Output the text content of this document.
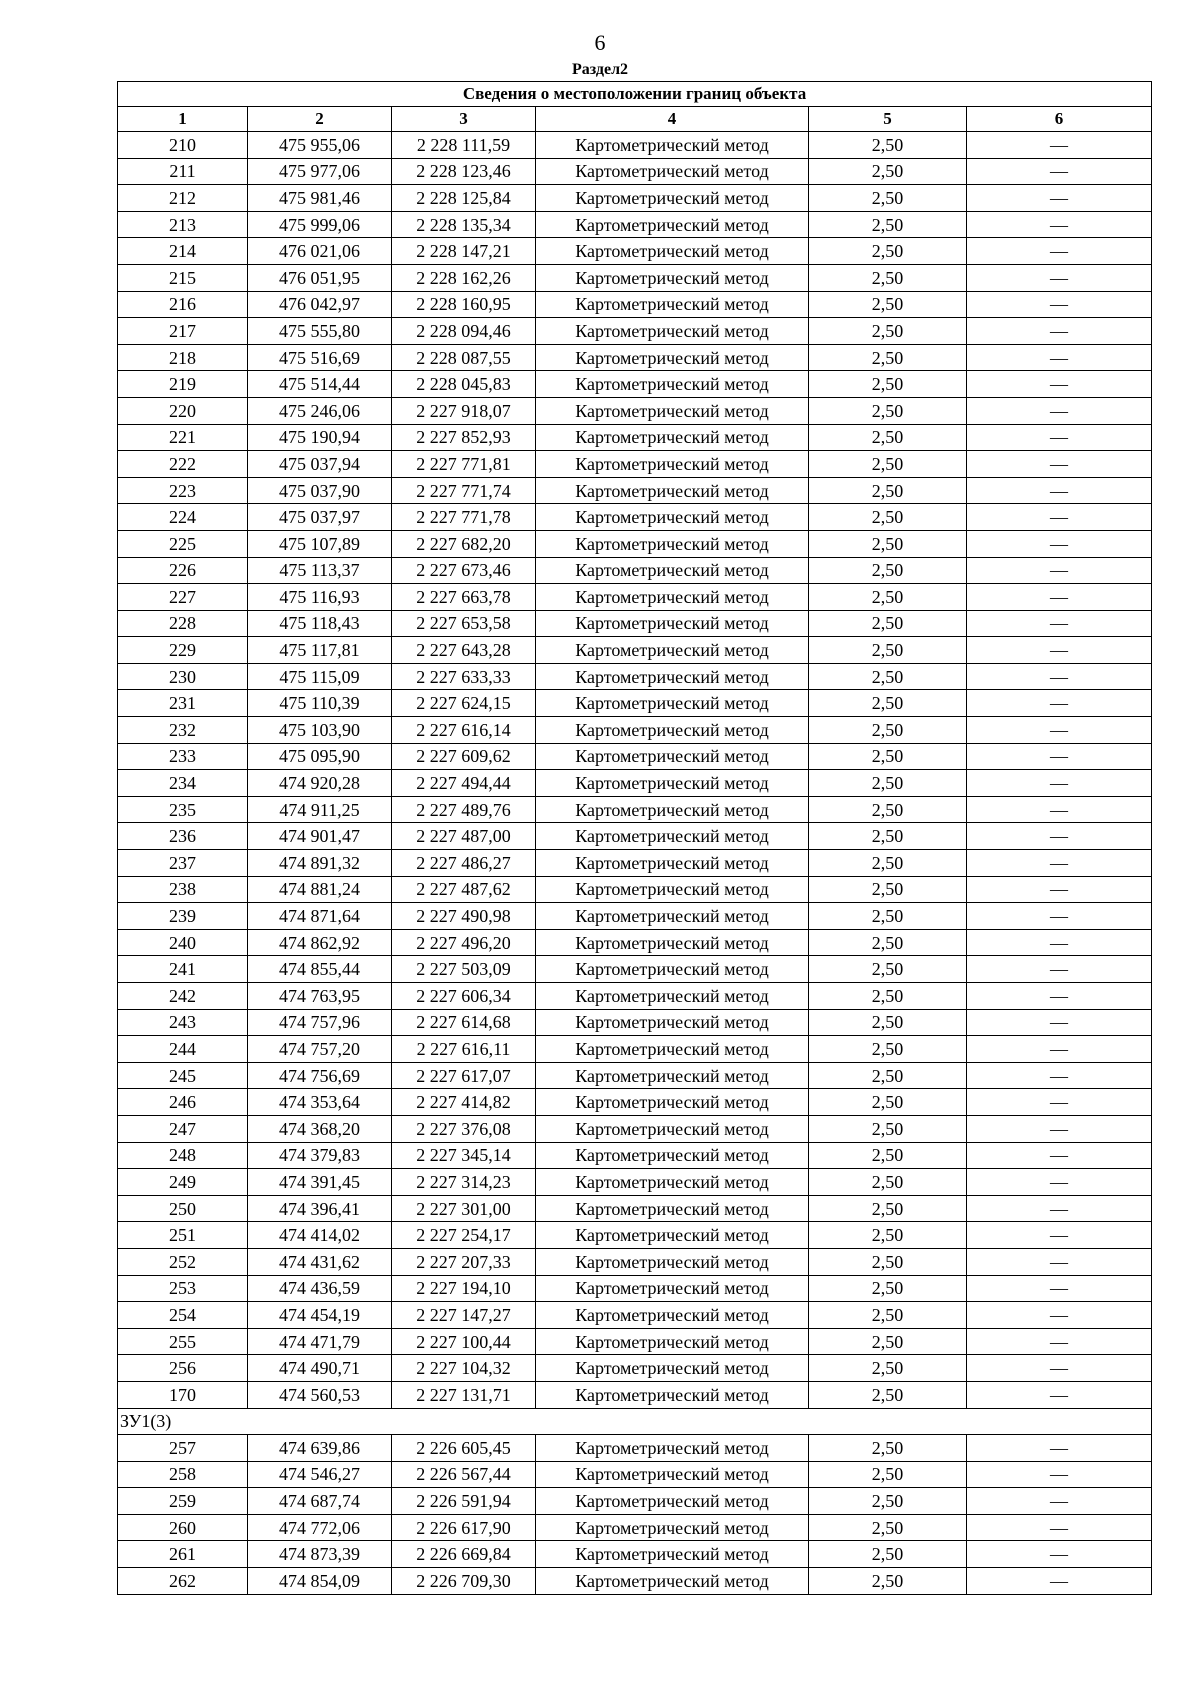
6
Раздел2
Сведения о местоположении границ объекта					
1	2	3	4	5	6
210	475 955,06	2 228 111,59	Картометрический метод	2,50	—
211	475 977,06	2 228 123,46	Картометрический метод	2,50	—
212	475 981,46	2 228 125,84	Картометрический метод	2,50	—
213	475 999,06	2 228 135,34	Картометрический метод	2,50	—
214	476 021,06	2 228 147,21	Картометрический метод	2,50	—
215	476 051,95	2 228 162,26	Картометрический метод	2,50	—
216	476 042,97	2 228 160,95	Картометрический метод	2,50	—
217	475 555,80	2 228 094,46	Картометрический метод	2,50	—
218	475 516,69	2 228 087,55	Картометрический метод	2,50	—
219	475 514,44	2 228 045,83	Картометрический метод	2,50	—
220	475 246,06	2 227 918,07	Картометрический метод	2,50	—
221	475 190,94	2 227 852,93	Картометрический метод	2,50	—
222	475 037,94	2 227 771,81	Картометрический метод	2,50	—
223	475 037,90	2 227 771,74	Картометрический метод	2,50	—
224	475 037,97	2 227 771,78	Картометрический метод	2,50	—
225	475 107,89	2 227 682,20	Картометрический метод	2,50	—
226	475 113,37	2 227 673,46	Картометрический метод	2,50	—
227	475 116,93	2 227 663,78	Картометрический метод	2,50	—
228	475 118,43	2 227 653,58	Картометрический метод	2,50	—
229	475 117,81	2 227 643,28	Картометрический метод	2,50	—
230	475 115,09	2 227 633,33	Картометрический метод	2,50	—
231	475 110,39	2 227 624,15	Картометрический метод	2,50	—
232	475 103,90	2 227 616,14	Картометрический метод	2,50	—
233	475 095,90	2 227 609,62	Картометрический метод	2,50	—
234	474 920,28	2 227 494,44	Картометрический метод	2,50	—
235	474 911,25	2 227 489,76	Картометрический метод	2,50	—
236	474 901,47	2 227 487,00	Картометрический метод	2,50	—
237	474 891,32	2 227 486,27	Картометрический метод	2,50	—
238	474 881,24	2 227 487,62	Картометрический метод	2,50	—
239	474 871,64	2 227 490,98	Картометрический метод	2,50	—
240	474 862,92	2 227 496,20	Картометрический метод	2,50	—
241	474 855,44	2 227 503,09	Картометрический метод	2,50	—
242	474 763,95	2 227 606,34	Картометрический метод	2,50	—
243	474 757,96	2 227 614,68	Картометрический метод	2,50	—
244	474 757,20	2 227 616,11	Картометрический метод	2,50	—
245	474 756,69	2 227 617,07	Картометрический метод	2,50	—
246	474 353,64	2 227 414,82	Картометрический метод	2,50	—
247	474 368,20	2 227 376,08	Картометрический метод	2,50	—
248	474 379,83	2 227 345,14	Картометрический метод	2,50	—
249	474 391,45	2 227 314,23	Картометрический метод	2,50	—
250	474 396,41	2 227 301,00	Картометрический метод	2,50	—
251	474 414,02	2 227 254,17	Картометрический метод	2,50	—
252	474 431,62	2 227 207,33	Картометрический метод	2,50	—
253	474 436,59	2 227 194,10	Картометрический метод	2,50	—
254	474 454,19	2 227 147,27	Картометрический метод	2,50	—
255	474 471,79	2 227 100,44	Картометрический метод	2,50	—
256	474 490,71	2 227 104,32	Картометрический метод	2,50	—
170	474 560,53	2 227 131,71	Картометрический метод	2,50	—
ЗУ1(3)					
257	474 639,86	2 226 605,45	Картометрический метод	2,50	—
258	474 546,27	2 226 567,44	Картометрический метод	2,50	—
259	474 687,74	2 226 591,94	Картометрический метод	2,50	—
260	474 772,06	2 226 617,90	Картометрический метод	2,50	—
261	474 873,39	2 226 669,84	Картометрический метод	2,50	—
262	474 854,09	2 226 709,30	Картометрический метод	2,50	—
